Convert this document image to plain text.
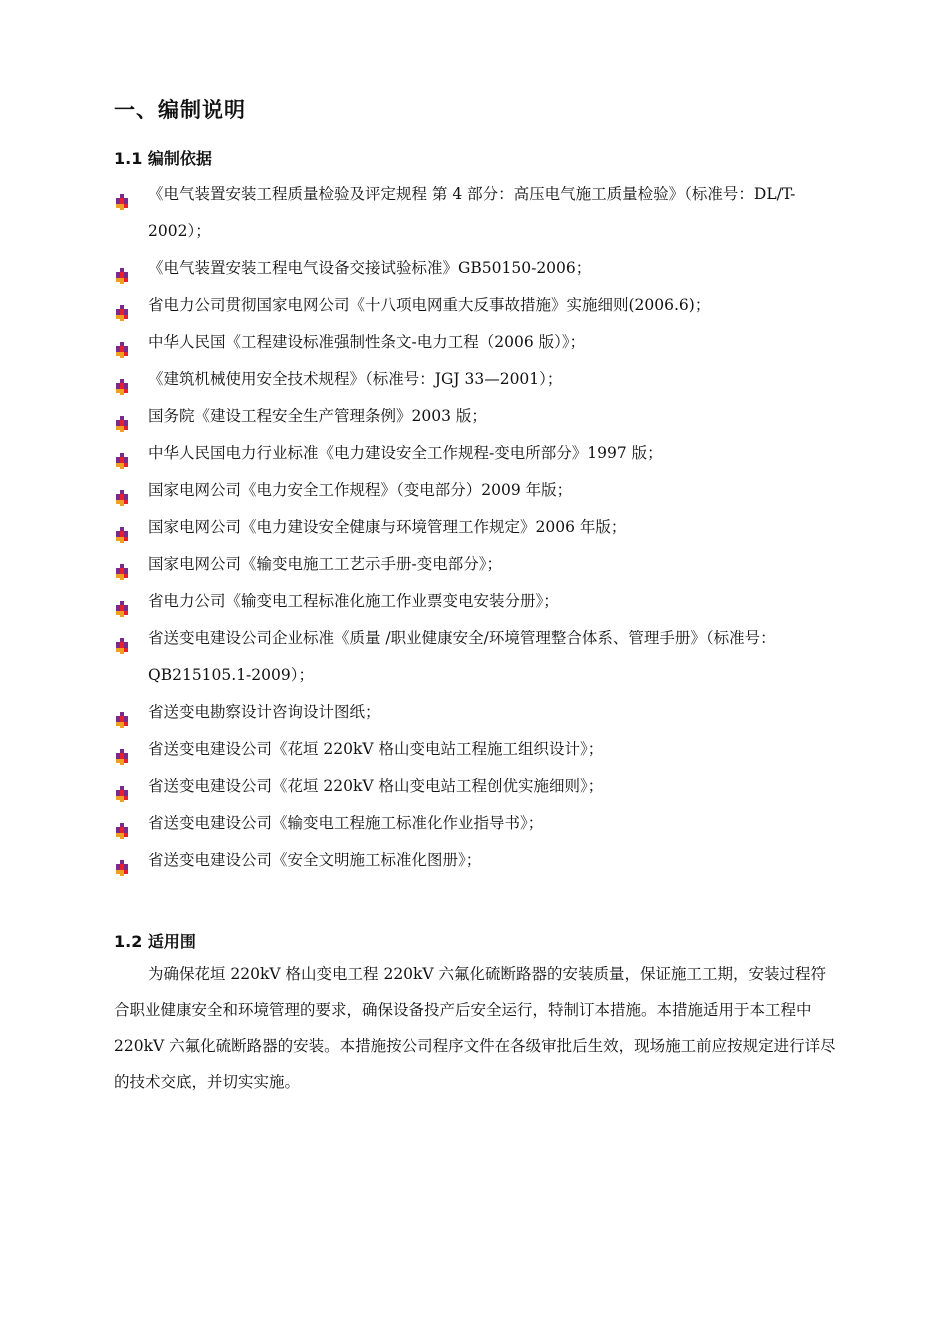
一、编制说明
1.1 编制依据
《电气装置安装工程质量检验及评定规程 第 4 部分：高压电气施工质量检验》（标准号：DL/T-2002）；
《电气装置安装工程电气设备交接试验标准》GB50150-2006；
省电力公司贯彻国家电网公司《十八项电网重大反事故措施》实施细则(2006.6)；
中华人民国《工程建设标准强制性条文-电力工程（2006 版）》；
《建筑机械使用安全技术规程》（标准号：JGJ 33—2001）；
国务院《建设工程安全生产管理条例》2003 版；
中华人民国电力行业标准《电力建设安全工作规程-变电所部分》1997 版；
国家电网公司《电力安全工作规程》（变电部分）2009 年版；
国家电网公司《电力建设安全健康与环境管理工作规定》2006 年版；
国家电网公司《输变电施工工艺示手册-变电部分》；
省电力公司《输变电工程标准化施工作业票变电安装分册》；
省送变电建设公司企业标准《质量 /职业健康安全/环境管理整合体系、管理手册》（标准号：QB215105.1-2009）；
省送变电勘察设计咨询设计图纸；
省送变电建设公司《花垣 220kV 格山变电站工程施工组织设计》；
省送变电建设公司《花垣 220kV 格山变电站工程创优实施细则》；
省送变电建设公司《输变电工程施工标准化作业指导书》；
省送变电建设公司《安全文明施工标准化图册》；
1.2 适用围

为确保花垣 220kV 格山变电工程 220kV 六氟化硫断路器的安装质量，保证施工工期，安装过程符合职业健康安全和环境管理的要求，确保设备投产后安全运行，特制订本措施。本措施适用于本工程中 220kV 六氟化硫断路器的安装。本措施按公司程序文件在各级审批后生效，现场施工前应按规定进行详尽的技术交底，并切实实施。
